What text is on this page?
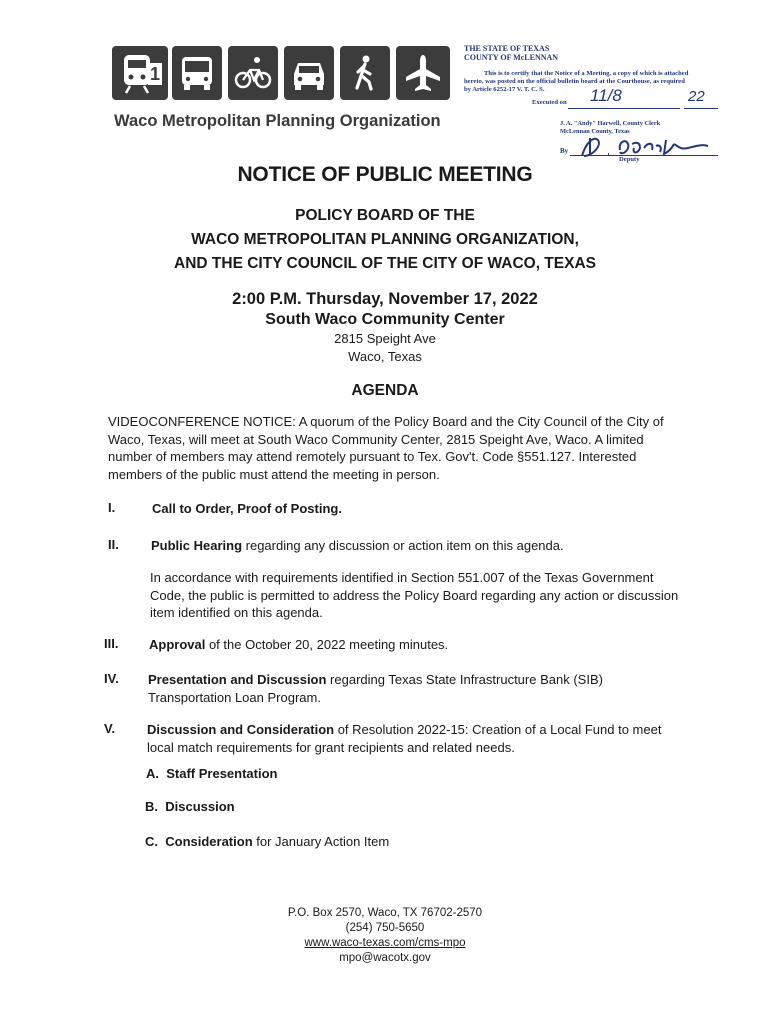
1
Waco Metropolitan Planning Organization
THE STATE OF TEXAS
COUNTY OF McLENNAN
This is to certify that the Notice of a Meeting, a copy of which is attached
hereto, was posted on the official bulletin board at the Courthouse, as required
by Article 6252-17 V. T. C. S.
Executed on 11/8	22
J. A. "Andy" Harwell, County Clerk
McLennan County, Texas
By
Deputy
NOTICE OF PUBLIC MEETING
POLICY BOARD OF THE
WACO METROPOLITAN PLANNING ORGANIZATION,
AND THE CITY COUNCIL OF THE CITY OF WACO, TEXAS
2:00 P.M. Thursday, November 17, 2022
South Waco Community Center
2815 Speight Ave
Waco, Texas
AGENDA
VIDEOCONFERENCE NOTICE: A quorum of the Policy Board and the City Council of the City of Waco, Texas, will meet at South Waco Community Center, 2815 Speight Ave, Waco. A limited number of members may attend remotely pursuant to Tex. Gov't. Code §551.127. Interested members of the public must attend the meeting in person.
I.	Call to Order, Proof of Posting.
II. Public Hearing regarding any discussion or action item on this agenda.
In accordance with requirements identified in Section 551.007 of the Texas Government Code, the public is permitted to address the Policy Board regarding any action or discussion item identified on this agenda.
III. Approval of the October 20, 2022 meeting minutes.
IV. Presentation and Discussion regarding Texas State Infrastructure Bank (SIB) Transportation Loan Program.
V. Discussion and Consideration of Resolution 2022-15: Creation of a Local Fund to meet local match requirements for grant recipients and related needs.
A. Staff Presentation
B. Discussion
C. Consideration for January Action Item
P.O. Box 2570, Waco, TX 76702-2570
(254) 750-5650
www.waco-texas.com/cms-mpo
mpo@wacotx.gov
